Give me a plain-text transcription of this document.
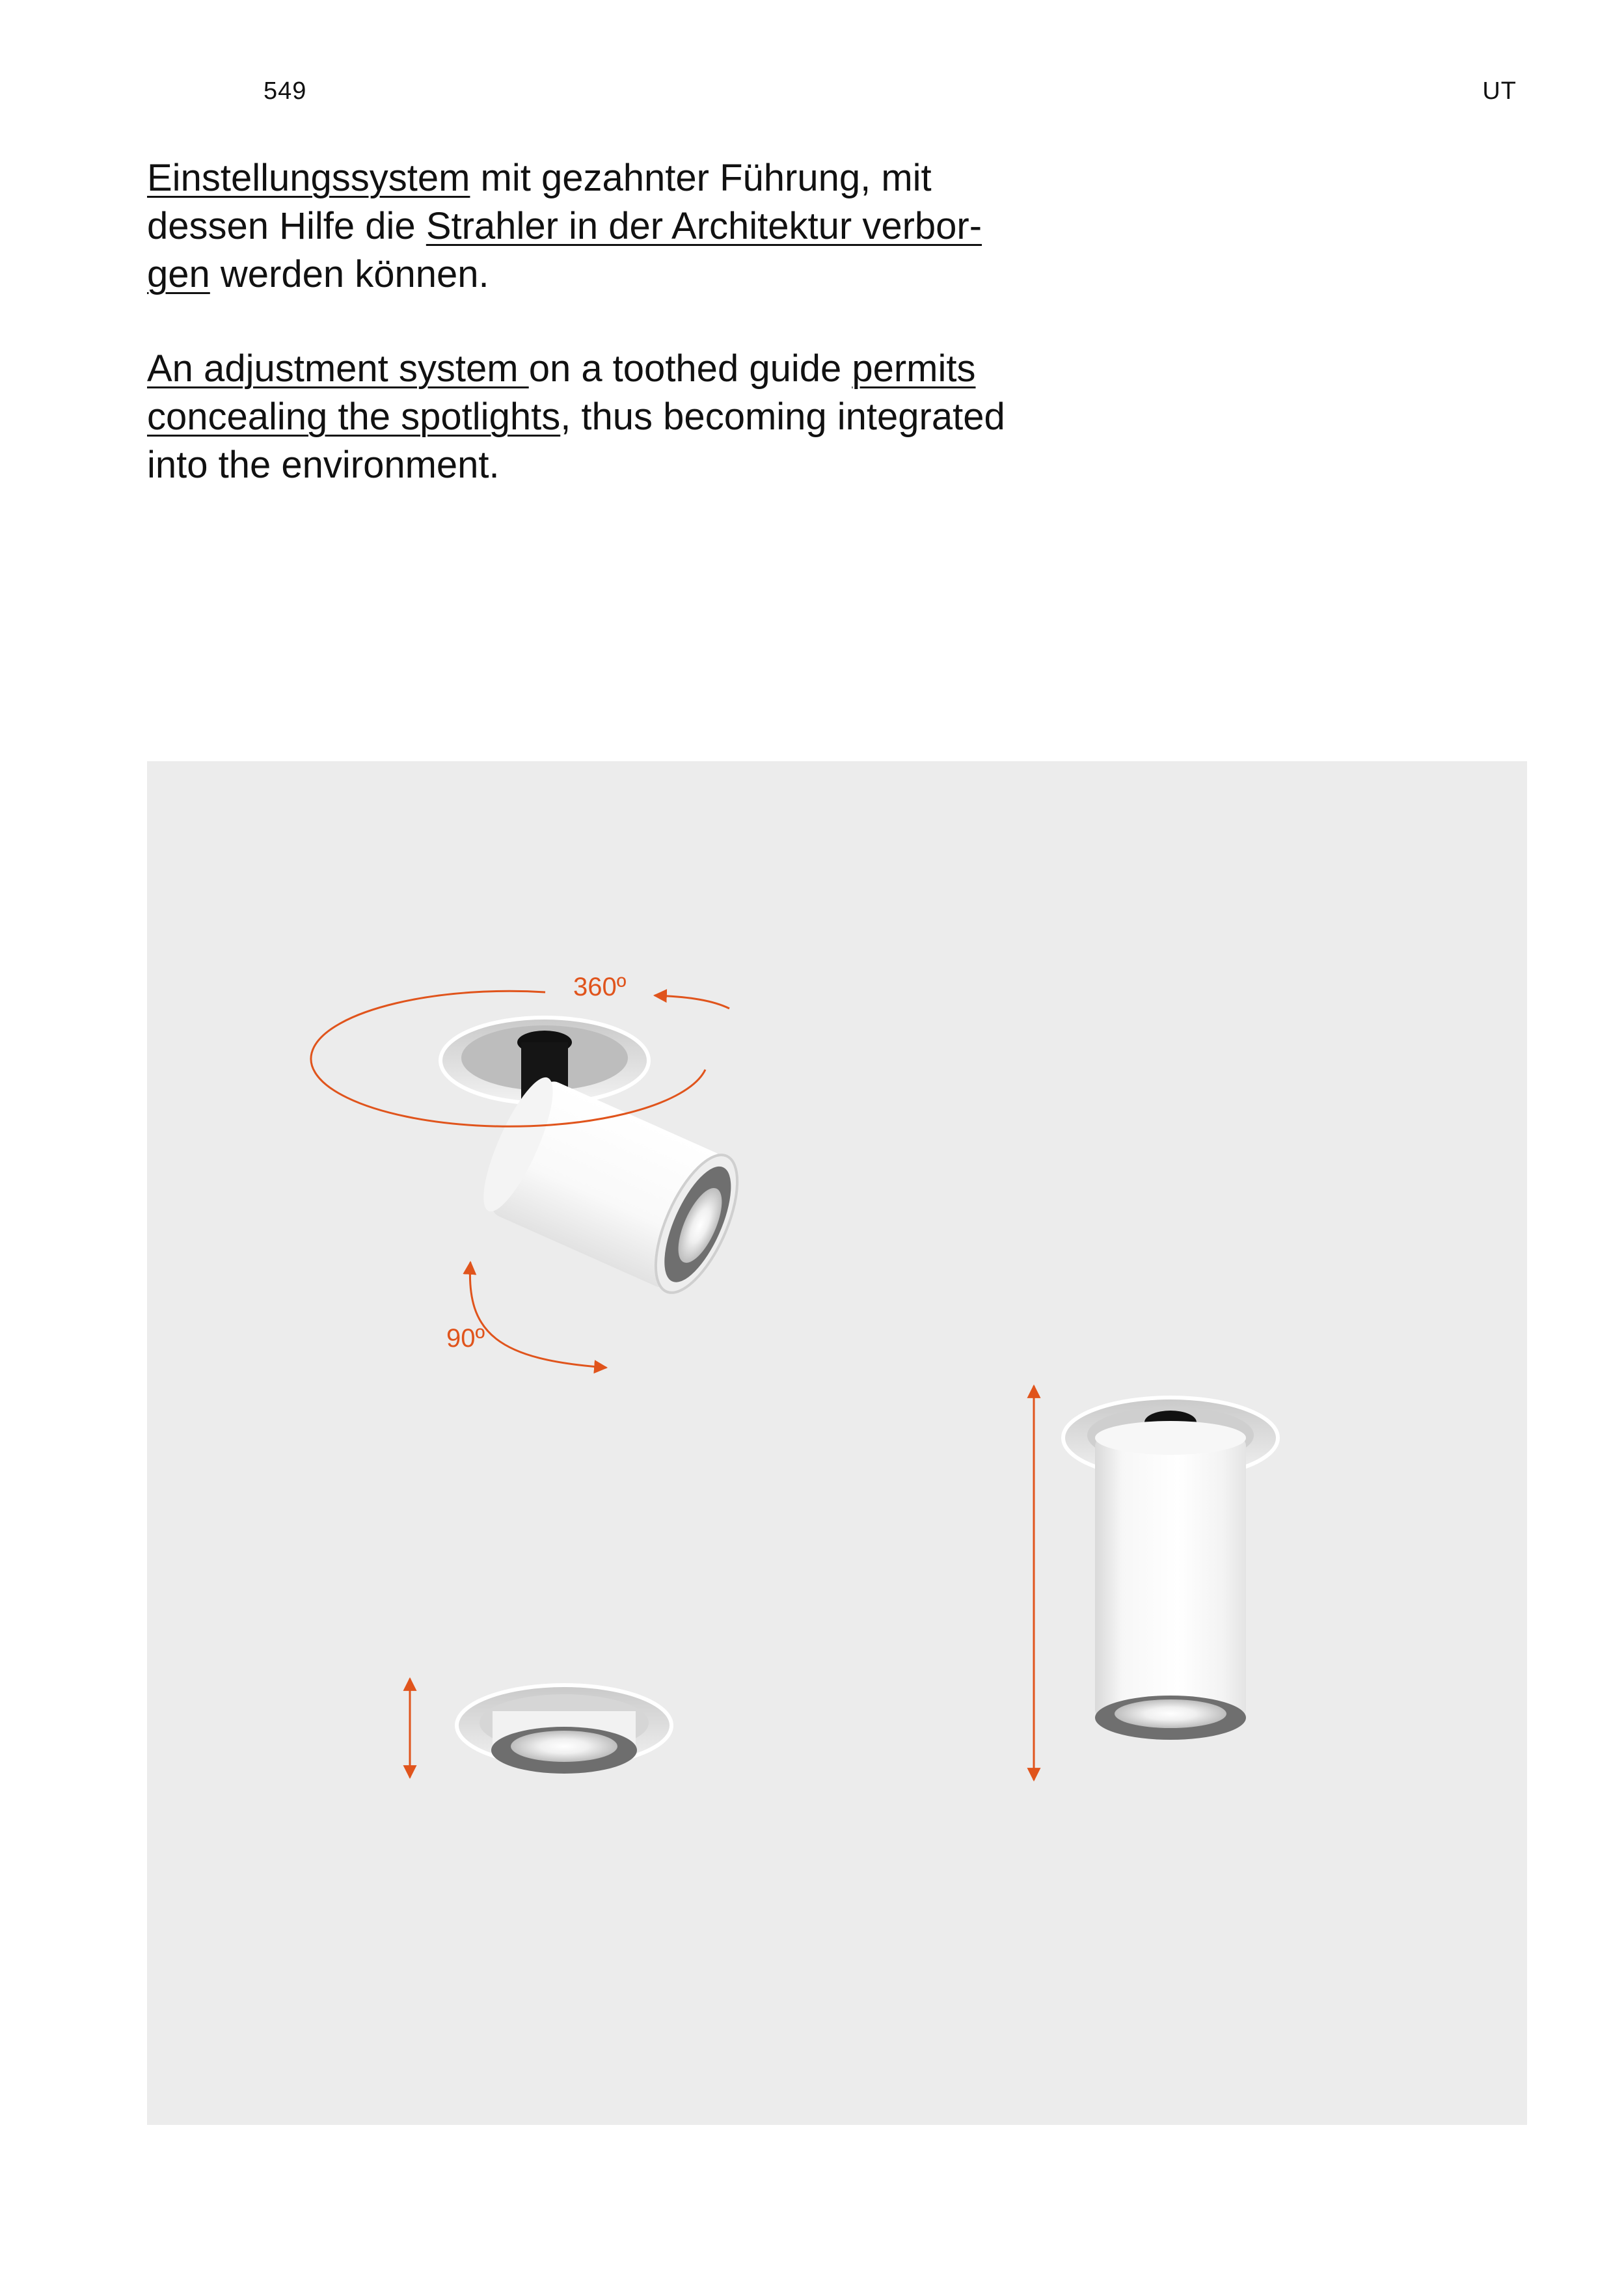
549	UT

Einstellungssystem mit gezahnter Führung, mit
dessen Hilfe die Strahler in der Architektur verbor-
gen werden können.

An adjustment system on a toothed guide permits
concealing the spotlights, thus becoming integrated
into the environment.

360º
90º
